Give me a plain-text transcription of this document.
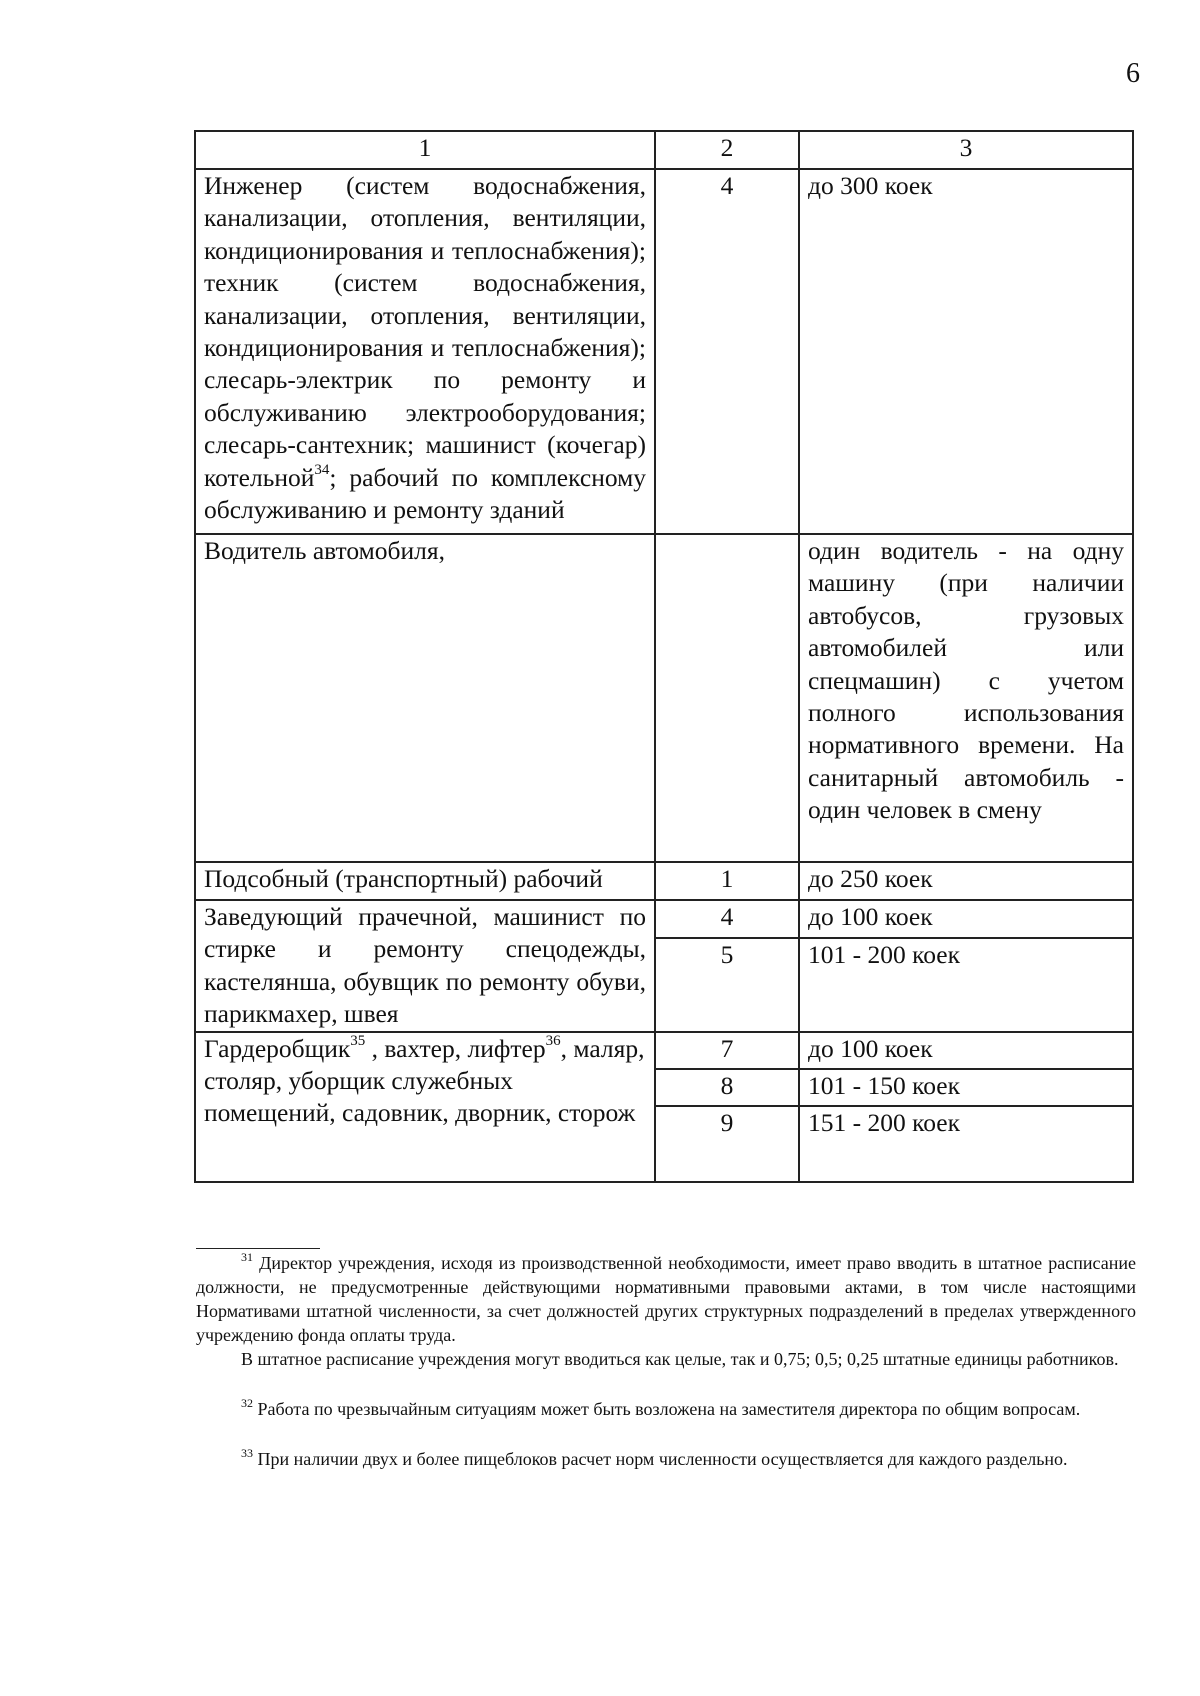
6
1	2	3
Инженер (систем водоснабжения, канализации, отопления, вентиляции, кондиционирования и теплоснабжения); техник (систем водоснабжения, канализации, отопления, вентиляции, кондиционирования и теплоснабжения); слесарь-электрик по ремонту и обслуживанию электрооборудования; слесарь-сантехник; машинист (кочегар) котельной$^{34}$; рабочий по комплексному обслуживанию и ремонту зданий	4	до 300 коек
Водитель автомобиля,		один водитель - на одну машину (при наличии автобусов, грузовых автомобилей или спецмашин) с учетом полного использования нормативного времени. На санитарный автомобиль - один человек в смену
Подсобный (транспортный) рабочий	1	до 250 коек
Заведующий прачечной, машинист по стирке и ремонту спецодежды, кастелянша, обувщик по ремонту обуви, парикмахер, швея	4	до 100 коек
	5	101 - 200 коек
Гардеробщик$^{35}$ , вахтер, лифтер$^{36}$, маляр, столяр, уборщик служебных помещений, садовник, дворник, сторож	7	до 100 коек
	8	101 - 150 коек
	9	151 - 200 коек

$^{31}$ Директор учреждения, исходя из производственной необходимости, имеет право вводить в штатное расписание должности, не предусмотренные действующими нормативными правовыми актами, в том числе настоящими Нормативами штатной численности, за счет должностей других структурных подразделений в пределах утвержденного учреждению фонда оплаты труда.

В штатное расписание учреждения могут вводиться как целые, так и 0,75; 0,5; 0,25 штатные единицы работников.

$^{32}$ Работа по чрезвычайным ситуациям может быть возложена на заместителя директора по общим вопросам.

$^{33}$ При наличии двух и более пищеблоков расчет норм численности осуществляется для каждого раздельно.
